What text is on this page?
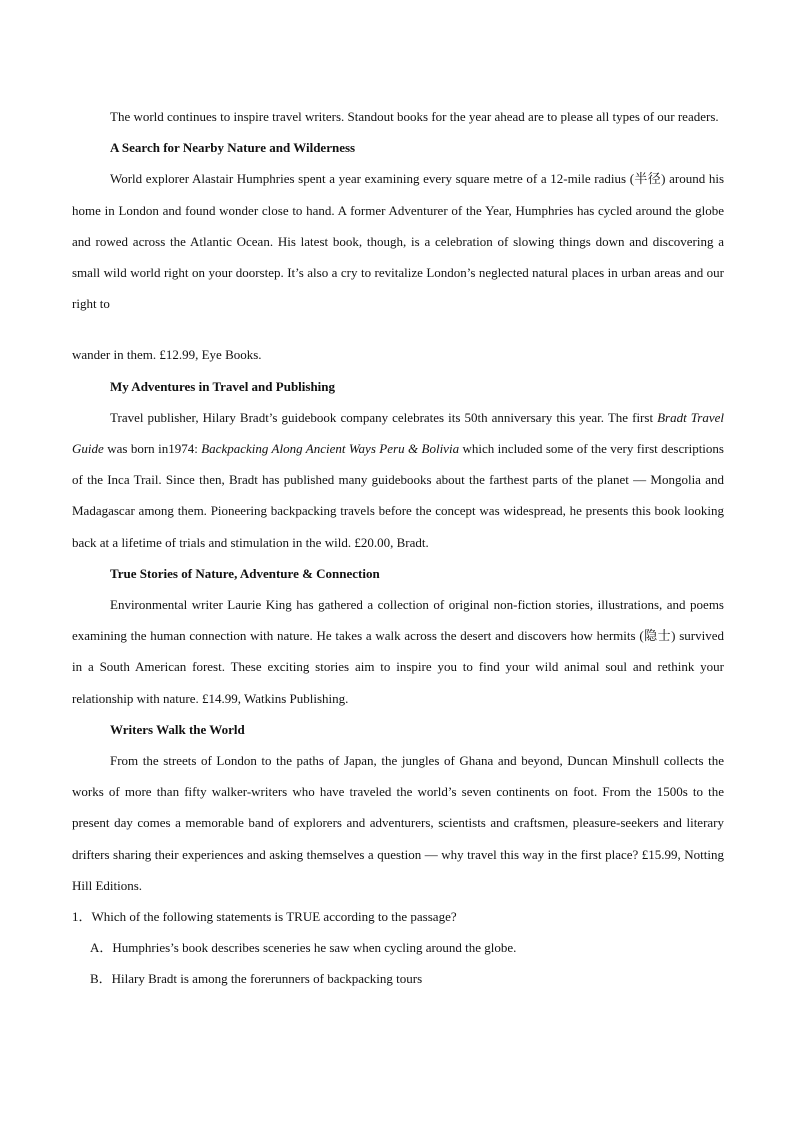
The world continues to inspire travel writers. Standout books for the year ahead are to please all types of our readers.

A Search for Nearby Nature and Wilderness

World explorer Alastair Humphries spent a year examining every square metre of a 12-mile radius (半径) around his home in London and found wonder close to hand. A former Adventurer of the Year, Humphries has cycled around the globe and rowed across the Atlantic Ocean. His latest book, though, is a celebration of slowing things down and discovering a small wild world right on your doorstep. It’s also a cry to revitalize London’s neglected natural places in urban areas and our right to

wander in them. £12.99, Eye Books.

My Adventures in Travel and Publishing

Travel publisher, Hilary Bradt’s guidebook company celebrates its 50th anniversary this year. The first Bradt Travel Guide was born in1974: Backpacking Along Ancient Ways Peru & Bolivia which included some of the very first descriptions of the Inca Trail. Since then, Bradt has published many guidebooks about the farthest parts of the planet — Mongolia and Madagascar among them. Pioneering backpacking travels before the concept was widespread, he presents this book looking back at a lifetime of trials and stimulation in the wild. £20.00, Bradt.

True Stories of Nature, Adventure & Connection

Environmental writer Laurie King has gathered a collection of original non-fiction stories, illustrations, and poems examining the human connection with nature. He takes a walk across the desert and discovers how hermits (隐士) survived in a South American forest. These exciting stories aim to inspire you to find your wild animal soul and rethink your relationship with nature. £14.99, Watkins Publishing.

Writers Walk the World

From the streets of London to the paths of Japan, the jungles of Ghana and beyond, Duncan Minshull collects the works of more than fifty walker-writers who have traveled the world’s seven continents on foot. From the 1500s to the present day comes a memorable band of explorers and adventurers, scientists and craftsmen, pleasure-seekers and literary drifters sharing their experiences and asking themselves a question — why travel this way in the first place? £15.99, Notting Hill Editions.

1．Which of the following statements is TRUE according to the passage?

A．Humphries’s book describes sceneries he saw when cycling around the globe.

B．Hilary Bradt is among the forerunners of backpacking tours
